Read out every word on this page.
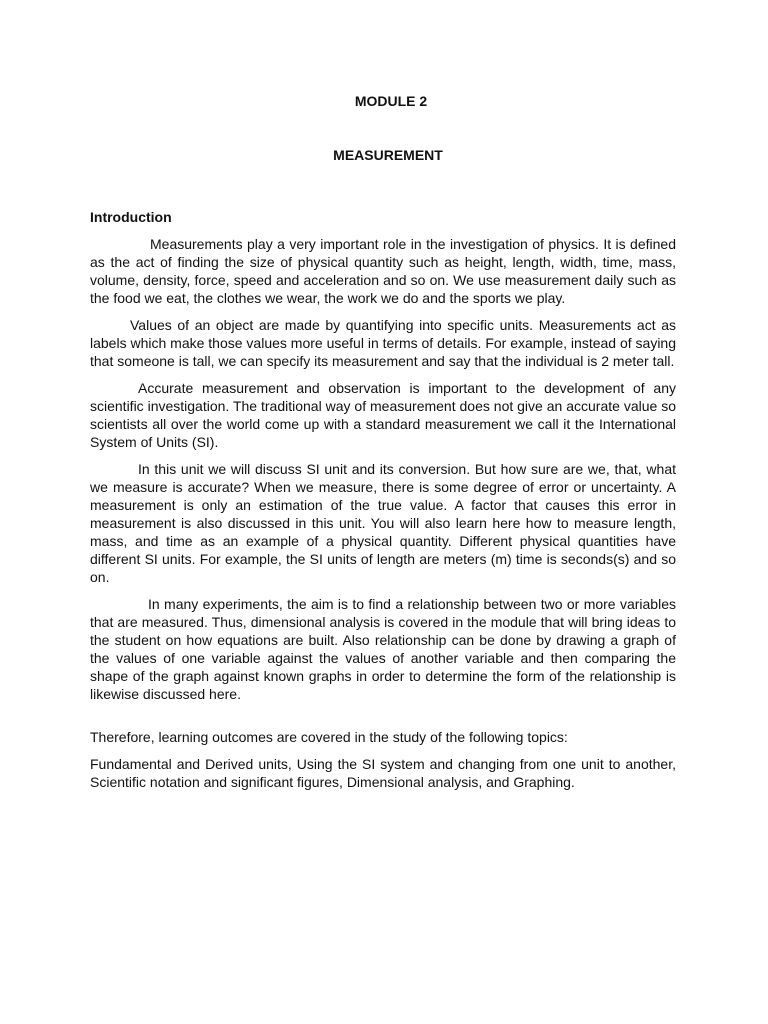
MODULE 2

MEASUREMENT

Introduction

Measurements play a very important role in the investigation of physics. It is defined as the act of finding the size of physical quantity such as height, length, width, time, mass, volume, density, force, speed and acceleration and so on. We use measurement daily such as the food we eat, the clothes we wear, the work we do and the sports we play.

Values of an object are made by quantifying into specific units. Measurements act as labels which make those values more useful in terms of details. For example, instead of saying that someone is tall, we can specify its measurement and say that the individual is 2 meter tall.

Accurate measurement and observation is important to the development of any scientific investigation. The traditional way of measurement does not give an accurate value so scientists all over the world come up with a standard measurement we call it the International System of Units (SI).

In this unit we will discuss SI unit and its conversion. But how sure are we, that, what we measure is accurate? When we measure, there is some degree of error or uncertainty. A measurement is only an estimation of the true value. A factor that causes this error in measurement is also discussed in this unit. You will also learn here how to measure length, mass, and time as an example of a physical quantity. Different physical quantities have different SI units. For example, the SI units of length are meters (m) time is seconds(s) and so on.

In many experiments, the aim is to find a relationship between two or more variables that are measured. Thus, dimensional analysis is covered in the module that will bring ideas to the student on how equations are built. Also relationship can be done by drawing a graph of the values of one variable against the values of another variable and then comparing the shape of the graph against known graphs in order to determine the form of the relationship is likewise discussed here.

Therefore, learning outcomes are covered in the study of the following topics:

Fundamental and Derived units, Using the SI system and changing from one unit to another, Scientific notation and significant figures, Dimensional analysis, and Graphing.
